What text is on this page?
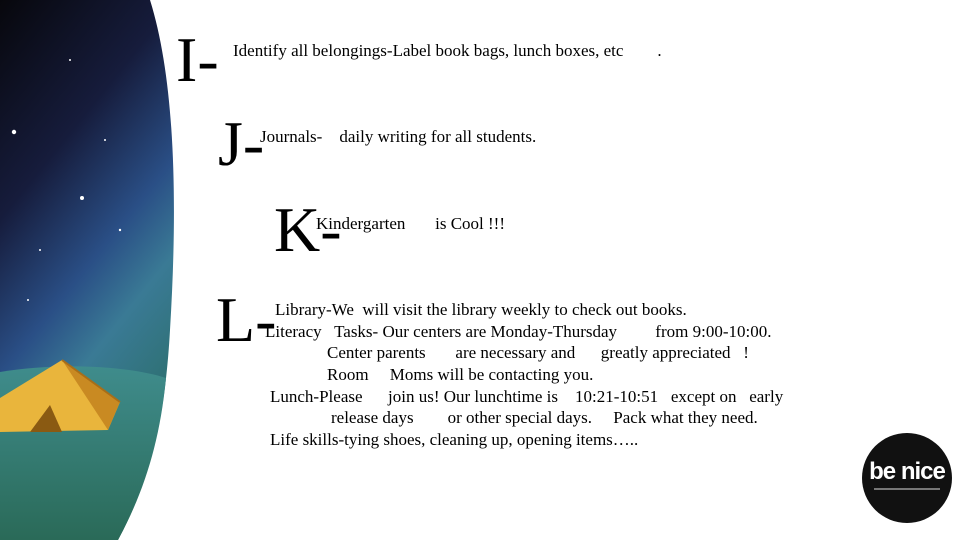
I- Identify all belongings-Label book bags, lunch boxes, etc        .
J-
Journals-    daily writing for all students.
K-
Kindergarten       is Cool !!!
L-
Library-We  will visit the library weekly to check out books.
Literacy   Tasks- Our centers are Monday-Thursday         from 9:00-10:00.
Center parents       are necessary and      greatly appreciated   !
Room     Moms will be contacting you.
Lunch-Please      join us! Our lunchtime is    10:21-10:51   except on   early
release days        or other special days.     Pack what they need.
Life skills-tying shoes, cleaning up, opening items…..
be nice
